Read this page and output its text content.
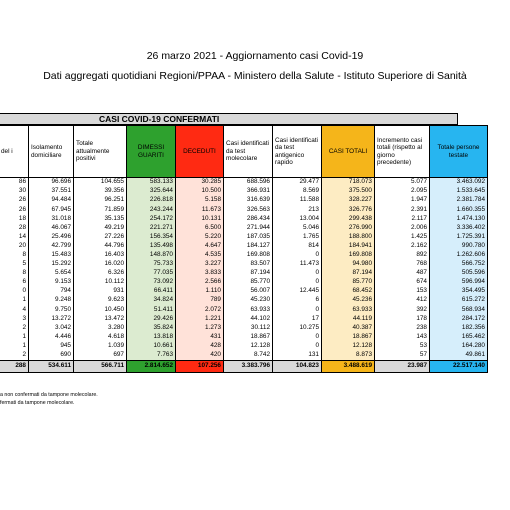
26 marzo 2021 - Aggiornamento casi Covid-19
Dati aggregati quotidiani Regioni/PPAA - Ministero della Salute - Istituto Superiore di Sanità
CASI COVID-19 CONFERMATI
del i	Isolamento domiciliare	Totale attualmente positivi	DIMESSI GUARITI	DECEDUTI	Casi identificati da test molecolare	Casi identificati da test antigenico rapido	CASI TOTALI	Incremento casi totali (rispetto al giorno precedente)	Totale persone testate
86	96.696	104.655	583.133	30.285	688.596	29.477	718.073	5.077	3.463.092
30	37.551	39.356	325.644	10.500	366.931	8.569	375.500	2.095	1.533.645
26	94.484	96.251	226.818	5.158	316.639	11.588	328.227	1.947	2.381.784
26	67.945	71.859	243.244	11.673	326.563	213	326.776	2.391	1.660.355
18	31.018	35.135	254.172	10.131	286.434	13.004	299.438	2.117	1.474.130
28	46.067	49.219	221.271	6.500	271.944	5.046	276.990	2.006	3.336.402
14	25.496	27.226	156.354	5.220	187.035	1.765	188.800	1.425	1.725.391
20	42.799	44.796	135.498	4.647	184.127	814	184.941	2.162	990.780
8	15.483	16.403	148.870	4.535	169.808	0	169.808	892	1.262.606
5	15.292	16.020	75.733	3.227	83.507	11.473	94.980	768	566.752
8	5.654	6.326	77.035	3.833	87.194	0	87.194	487	505.596
6	9.153	10.112	73.092	2.566	85.770	0	85.770	674	596.994
0	794	931	66.411	1.110	56.007	12.445	68.452	153	354.495
1	9.248	9.623	34.824	789	45.230	6	45.236	412	615.272
4	9.750	10.450	51.411	2.072	63.933	0	63.933	392	568.934
3	13.272	13.472	29.426	1.221	44.102	17	44.119	178	284.172
2	3.042	3.280	35.824	1.273	30.112	10.275	40.387	238	182.356
1	4.446	4.618	13.818	431	18.867	0	18.867	143	165.462
1	945	1.039	10.661	428	12.128	0	12.128	53	164.280
2	690	697	7.763	420	8.742	131	8.873	57	49.861
288	534.611	566.711	2.814.652	107.256	3.383.796	104.823	3.488.619	23.987	22.517.140
a non confermati da tampone molecolare.
fermati da tampone molecolare.
